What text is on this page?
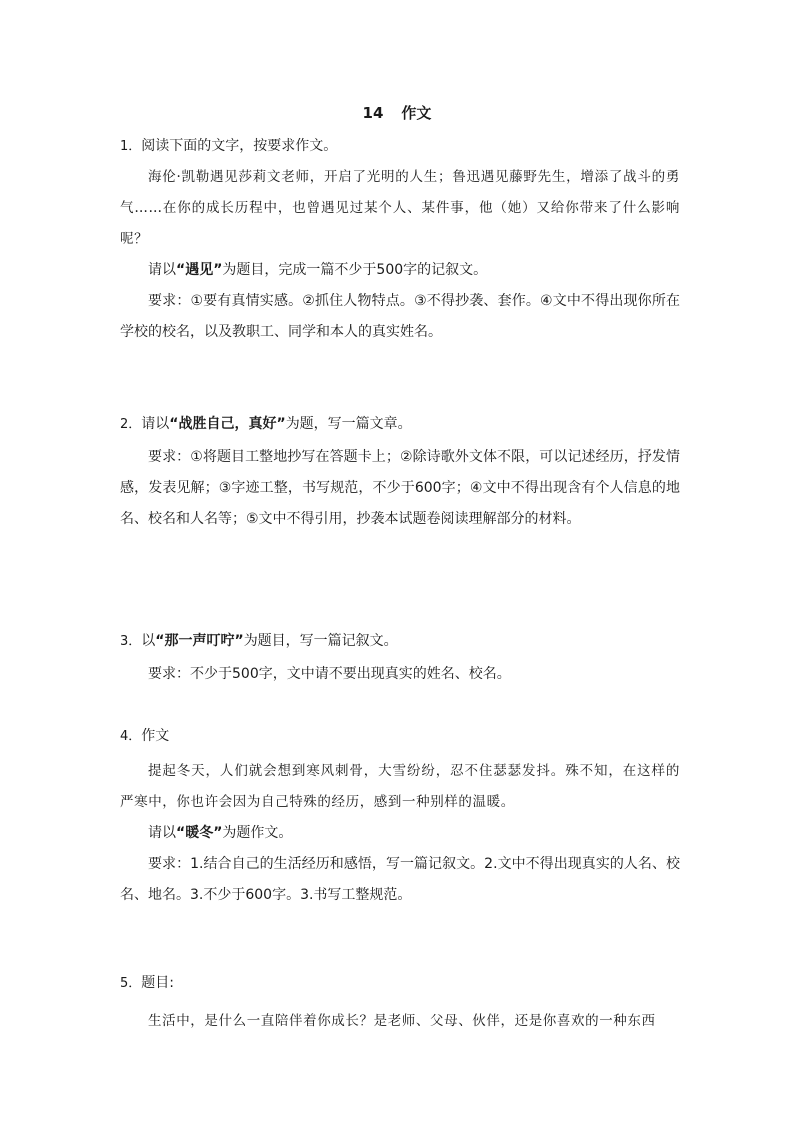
14 作文

1．阅读下面的文字，按要求作文。

海伦·凯勒遇见莎莉文老师，开启了光明的人生；鲁迅遇见藤野先生，增添了战斗的勇气……在你的成长历程中，也曾遇见过某个人、某件事，他（她）又给你带来了什么影响呢？

请以“遇见”为题目，完成一篇不少于500字的记叙文。

要求：①要有真情实感。②抓住人物特点。③不得抄袭、套作。④文中不得出现你所在学校的校名，以及教职工、同学和本人的真实姓名。

2．请以“战胜自己，真好”为题，写一篇文章。

要求：①将题目工整地抄写在答题卡上；②除诗歌外文体不限，可以记述经历，抒发情感，发表见解；③字迹工整，书写规范，不少于600字；④文中不得出现含有个人信息的地名、校名和人名等；⑤文中不得引用，抄袭本试题卷阅读理解部分的材料。

3．以“那一声叮咛”为题目，写一篇记叙文。

要求：不少于500字，文中请不要出现真实的姓名、校名。

4．作文

提起冬天，人们就会想到寒风刺骨，大雪纷纷，忍不住瑟瑟发抖。殊不知，在这样的严寒中，你也许会因为自己特殊的经历，感到一种别样的温暖。

请以“暖冬”为题作文。

要求：1.结合自己的生活经历和感悟，写一篇记叙文。2.文中不得出现真实的人名、校名、地名。3.不少于600字。3.书写工整规范。

5．题目:

生活中，是什么一直陪伴着你成长？是老师、父母、伙伴，还是你喜欢的一种东西
